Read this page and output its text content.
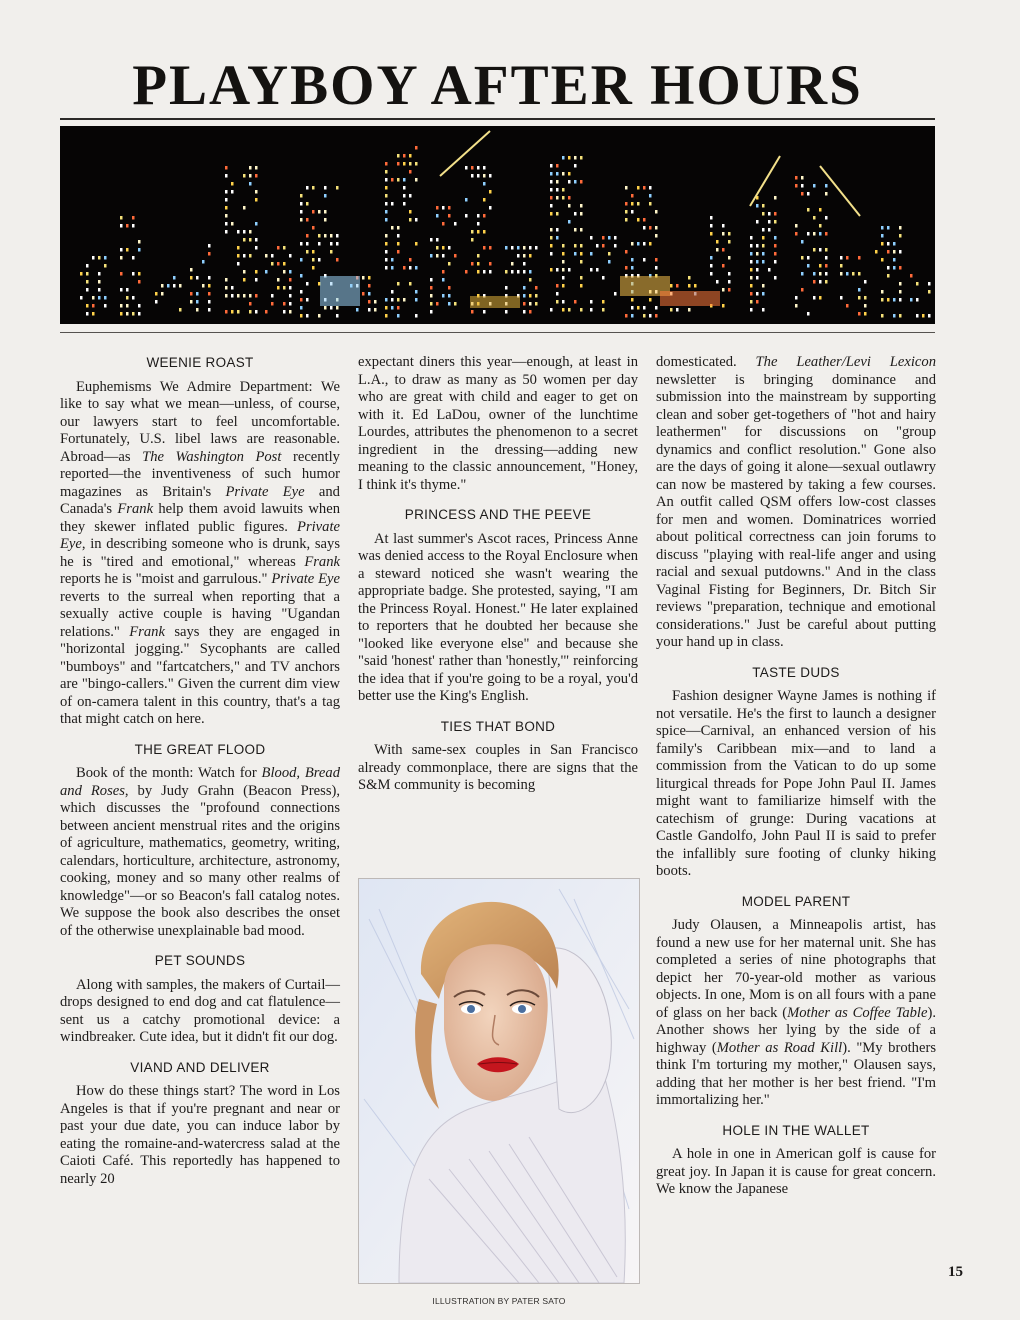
PLAYBOY AFTER HOURS
WEENIE ROAST

Euphemisms We Admire Department: We like to say what we mean—unless, of course, our lawyers start to feel uncomfortable. Fortunately, U.S. libel laws are reasonable. Abroad—as The Washington Post recently reported—the inventiveness of such humor magazines as Britain's Private Eye and Canada's Frank help them avoid lawuits when they skewer inflated public figures. Private Eye, in describing someone who is drunk, says he is "tired and emotional," whereas Frank reports he is "moist and garrulous." Private Eye reverts to the surreal when reporting that a sexually active couple is having "Ugandan relations." Frank says they are engaged in "horizontal jogging." Sycophants are called "bumboys" and "fartcatchers," and TV anchors are "bingo-callers." Given the current dim view of on-camera talent in this country, that's a tag that might catch on here.

THE GREAT FLOOD

Book of the month: Watch for Blood, Bread and Roses, by Judy Grahn (Beacon Press), which discusses the "profound connections between ancient menstrual rites and the origins of agriculture, mathematics, geometry, writing, calendars, horticulture, architecture, astronomy, cooking, money and so many other realms of knowledge"—or so Beacon's fall catalog notes. We suppose the book also describes the onset of the otherwise unexplainable bad mood.

PET SOUNDS

Along with samples, the makers of Curtail—drops designed to end dog and cat flatulence—sent us a catchy promotional device: a windbreaker. Cute idea, but it didn't fit our dog.

VIAND AND DELIVER

How do these things start? The word in Los Angeles is that if you're pregnant and near or past your due date, you can induce labor by eating the romaine-and-watercress salad at the Caioti Café. This reportedly has happened to nearly 20

expectant diners this year—enough, at least in L.A., to draw as many as 50 women per day who are great with child and eager to get on with it. Ed LaDou, owner of the lunchtime Lourdes, attributes the phenomenon to a secret ingredient in the dressing—adding new meaning to the classic announcement, "Honey, I think it's thyme."

PRINCESS AND THE PEEVE

At last summer's Ascot races, Princess Anne was denied access to the Royal Enclosure when a steward noticed she wasn't wearing the appropriate badge. She protested, saying, "I am the Princess Royal. Honest." He later explained to reporters that he doubted her because she "looked like everyone else" and because she "said 'honest' rather than 'honestly,'" reinforcing the idea that if you're going to be a royal, you'd better use the King's English.

TIES THAT BOND

With same-sex couples in San Francisco already commonplace, there are signs that the S&M community is becoming

domesticated. The Leather/Levi Lexicon newsletter is bringing dominance and submission into the mainstream by supporting clean and sober get-togethers of "hot and hairy leathermen" for discussions on "group dynamics and conflict resolution." Gone also are the days of going it alone—sexual outlawry can now be mastered by taking a few courses. An outfit called QSM offers low-cost classes for men and women. Dominatrices worried about political correctness can join forums to discuss "playing with real-life anger and using racial and sexual putdowns." And in the class Vaginal Fisting for Beginners, Dr. Bitch Sir reviews "preparation, technique and emotional considerations." Just be careful about putting your hand up in class.

TASTE DUDS

Fashion designer Wayne James is nothing if not versatile. He's the first to launch a designer spice—Carnival, an enhanced version of his family's Caribbean mix—and to land a commission from the Vatican to do up some liturgical threads for Pope John Paul II. James might want to familiarize himself with the catechism of grunge: During vacations at Castle Gandolfo, John Paul II is said to prefer the infallibly sure footing of clunky hiking boots.

MODEL PARENT

Judy Olausen, a Minneapolis artist, has found a new use for her maternal unit. She has completed a series of nine photographs that depict her 70-year-old mother as various objects. In one, Mom is on all fours with a pane of glass on her back (Mother as Coffee Table). Another shows her lying by the side of a highway (Mother as Road Kill). "My brothers think I'm torturing my mother," Olausen says, adding that her mother is her best friend. "I'm immortalizing her."

HOLE IN THE WALLET

A hole in one in American golf is cause for great joy. In Japan it is cause for great concern. We know the Japanese

ILLUSTRATION BY PATER SATO
15
